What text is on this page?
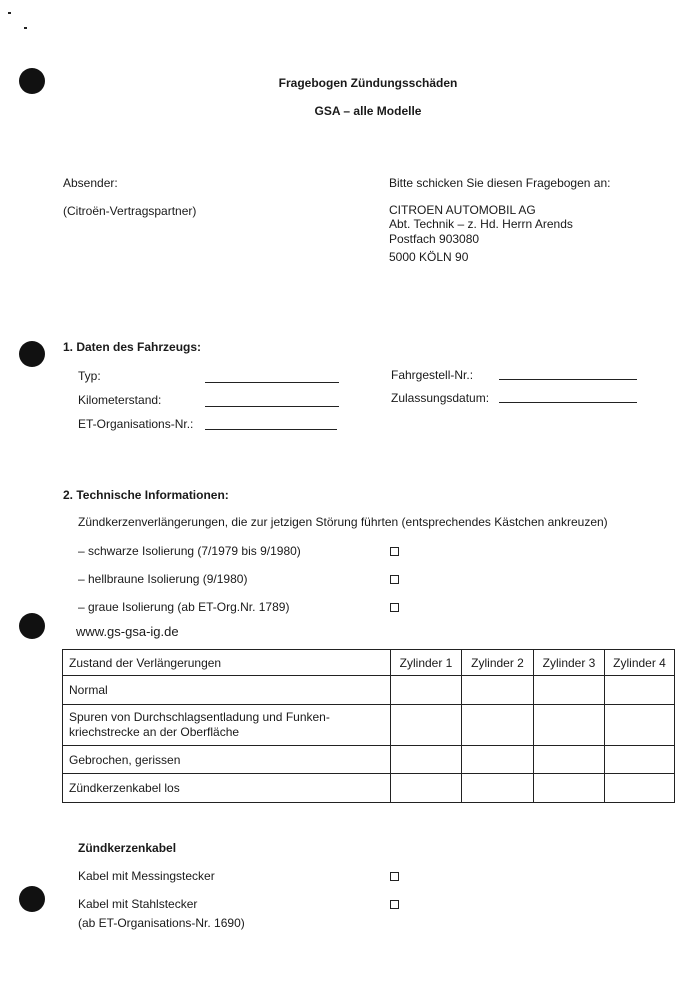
Fragebogen Zündungsschäden
GSA – alle Modelle
Absender:
(Citroën-Vertragspartner)
Bitte schicken Sie diesen Fragebogen an:
CITROEN AUTOMOBIL AG
Abt. Technik – z. Hd. Herrn Arends
Postfach 903080
5000 KÖLN 90
1. Daten des Fahrzeugs:
Typ:
Kilometerstand:
ET-Organisations-Nr.:
Fahrgestell-Nr.:
Zulassungsdatum:
2. Technische Informationen:
Zündkerzenverlängerungen, die zur jetzigen Störung führten (entsprechendes Kästchen ankreuzen)
– schwarze Isolierung (7/1979 bis 9/1980)
– hellbraune Isolierung (9/1980)
– graue Isolierung (ab ET-Org.Nr. 1789)
www.gs-gsa-ig.de
Zustand der Verlängerungen	Zylinder 1	Zylinder 2	Zylinder 3	Zylinder 4
Normal				

Spuren von Durchschlagsentladung und Funken-
kriechstrecke an der Oberfläche				

Gebrochen, gerissen				
Zündkerzenkabel los				
Zündkerzenkabel
Kabel mit Messingstecker
Kabel mit Stahlstecker
(ab ET-Organisations-Nr. 1690)
